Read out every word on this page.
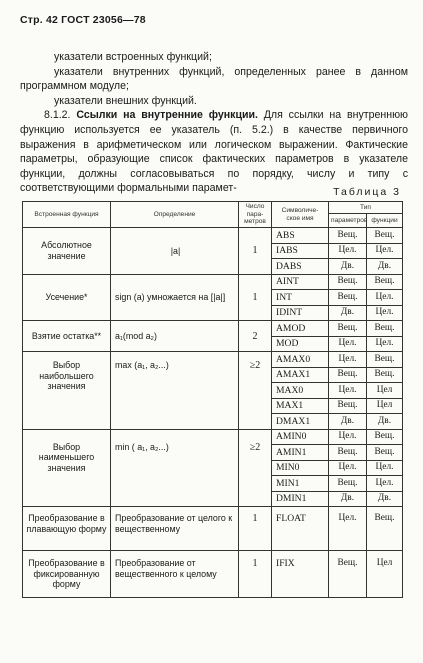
Стр. 42 ГОСТ 23056—78

указатели встроенных функций;

указатели внутренних функций, определенных ранее в данном программном модуле;

указатели внешних функций.

8.1.2. Ссылки на внутренние функции. Для ссылки на внутреннюю функцию используется ее указатель (п. 5.2.) в качестве первичного выражения в арифметическом или логическом выражении. Фактические параметры, образующие список фактических параметров в указателе функции, должны согласовываться по порядку, числу и типу с соответствующими формальными парамет-	Таблица 3
Встроенная функция	Определение	Число пара- метров	Символиче- ское имя	Тип	
				параметров	функции
Абсолютное значение	|a|	1	ABS	Вещ.	Вещ.
			IABS	Цел.	Цел.
			DABS	Дв.	Дв.
Усечение*	sign (a) умножается на [|a|]	1	AINT	Вещ.	Вещ.
			INT	Вещ.	Цел.
			IDINT	Дв.	Цел.
Взятие остатка**	a₁(mod a₂)	2	AMOD	Вещ.	Вещ.
			MOD	Цел.	Цел.
Выбор наибольшего значения	max (a₁, a₂...)	≥2	AMAX0	Цел.	Вещ.
			AMAX1	Вещ.	Вещ.
			MAX0	Цел.	Цел
			MAX1	Вещ.	Цел
			DMAX1	Дв.	Дв.
Выбор наименьшего значения	min ( a₁, a₂...)	≥2	AMIN0	Цел.	Вещ.
			AMIN1	Вещ.	Вещ.
			MIN0	Цел.	Цел.
			MIN1	Вещ.	Цел.
			DMIN1	Дв.	Дв.
Преобразование в плавающую форму	Преобразование от целого к вещественному	1	FLOAT	Цел.	Вещ.
Преобразование в фиксированную форму	Преобразование от вещественного к целому	1	IFIX	Вещ.	Цел
